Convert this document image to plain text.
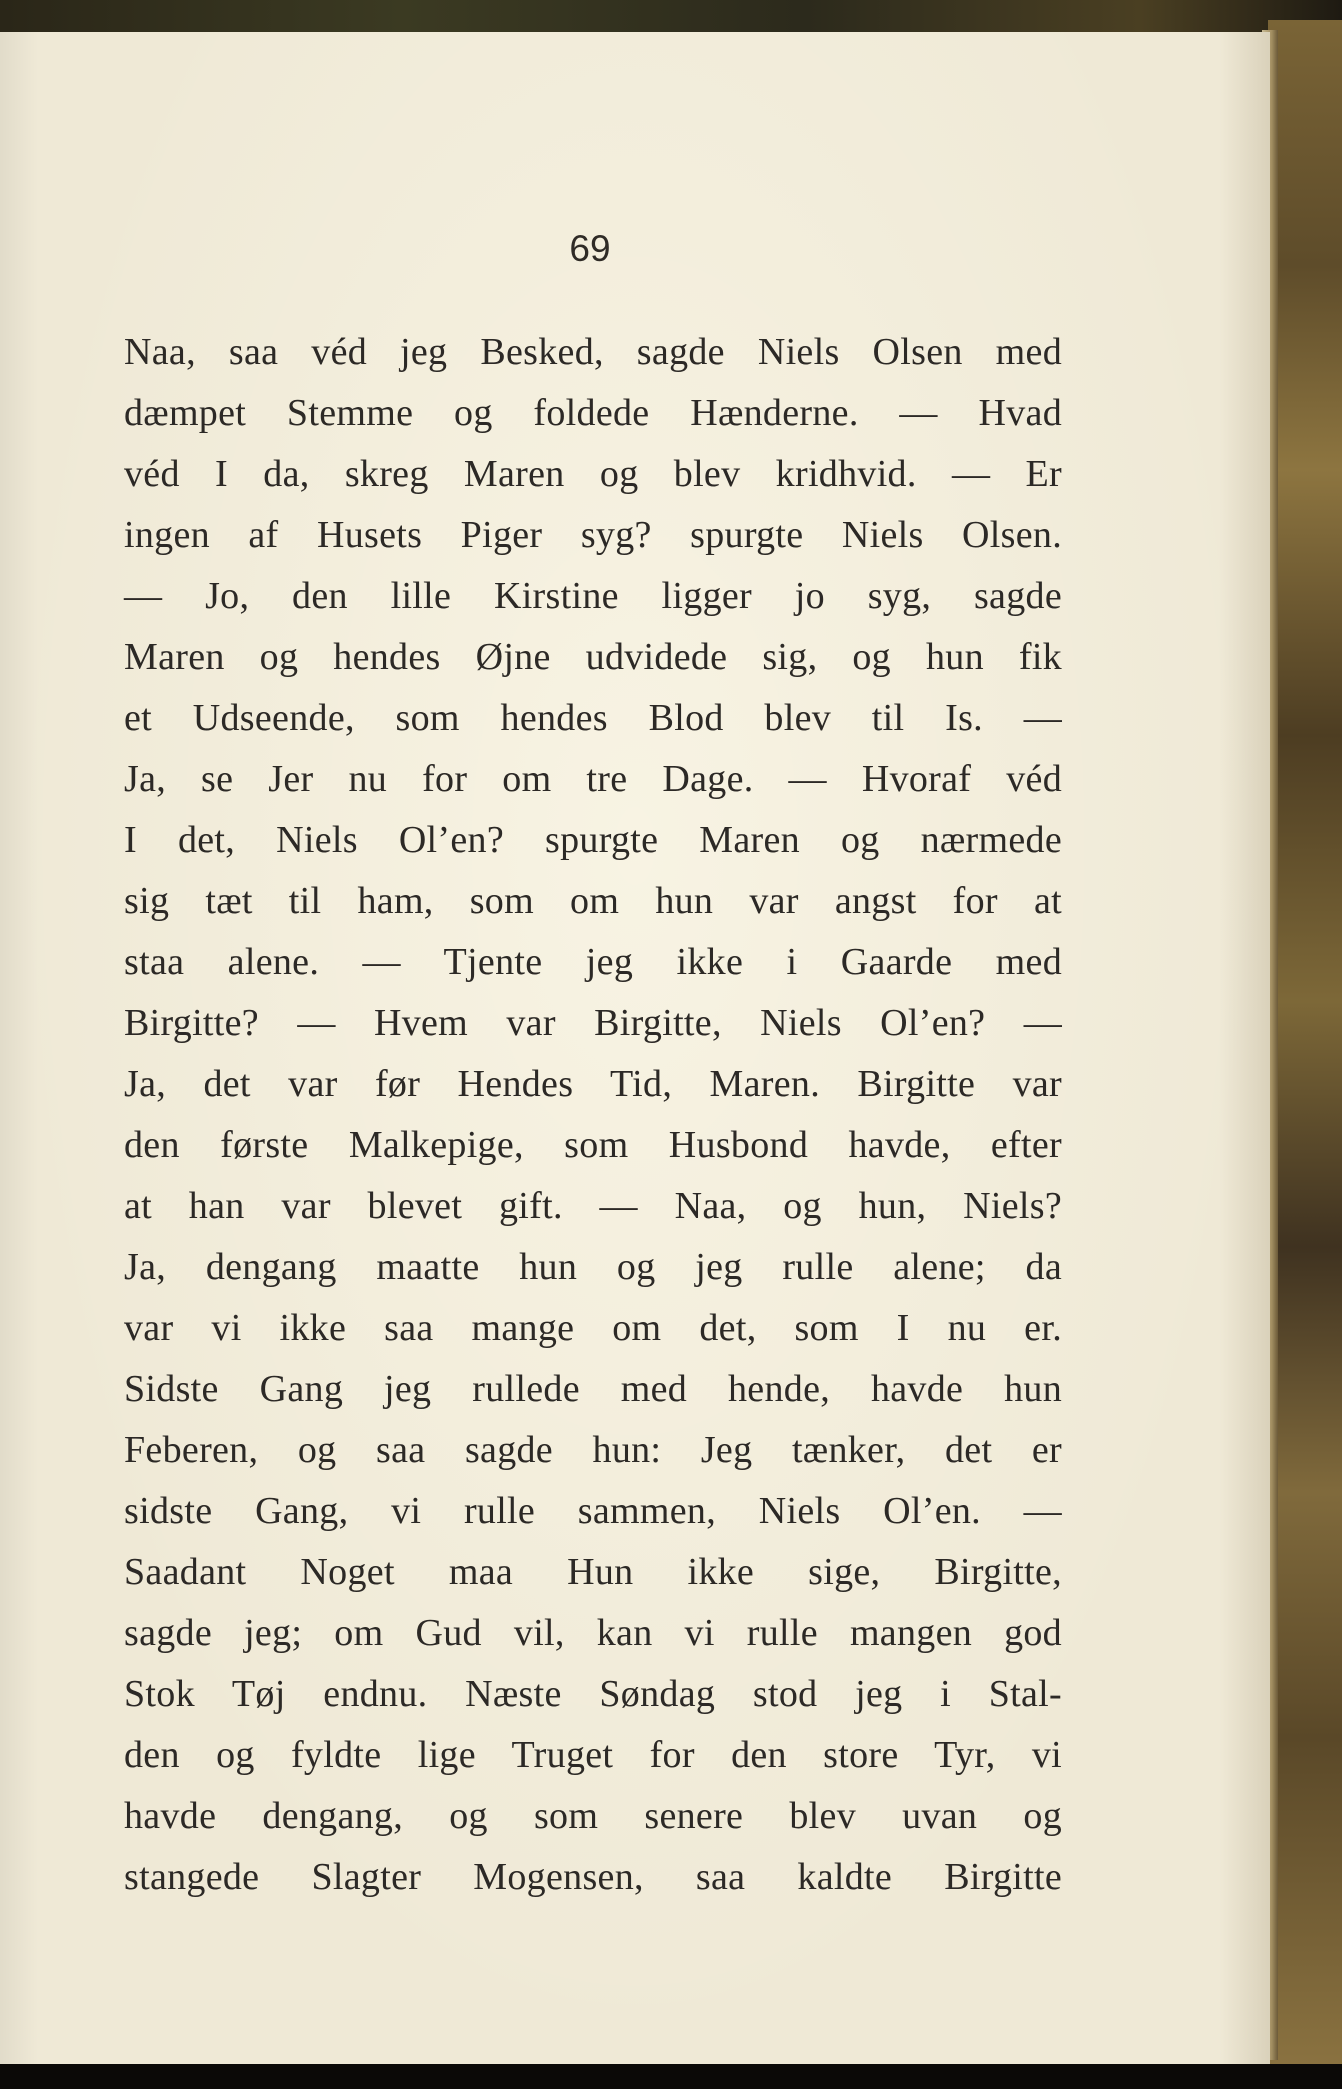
69
Naa, saa véd jeg Besked, sagde Niels Olsen med
dæmpet Stemme og foldede Hænderne. — Hvad
véd I da, skreg Maren og blev kridhvid. — Er
ingen af Husets Piger syg? spurgte Niels Olsen.
— Jo, den lille Kirstine ligger jo syg, sagde
Maren og hendes Øjne udvidede sig, og hun fik
et Udseende, som hendes Blod blev til Is. —
Ja, se Jer nu for om tre Dage. — Hvoraf véd
I det, Niels Ol’en? spurgte Maren og nærmede
sig tæt til ham, som om hun var angst for at
staa alene. — Tjente jeg ikke i Gaarde med
Birgitte? — Hvem var Birgitte, Niels Ol’en? —
Ja, det var før Hendes Tid, Maren. Birgitte var
den første Malkepige, som Husbond havde, efter
at han var blevet gift. — Naa, og hun, Niels?
Ja, dengang maatte hun og jeg rulle alene; da
var vi ikke saa mange om det, som I nu er.
Sidste Gang jeg rullede med hende, havde hun
Feberen, og saa sagde hun: Jeg tænker, det er
sidste Gang, vi rulle sammen, Niels Ol’en. —
Saadant Noget maa Hun ikke sige, Birgitte,
sagde jeg; om Gud vil, kan vi rulle mangen god
Stok Tøj endnu. Næste Søndag stod jeg i Stal-
den og fyldte lige Truget for den store Tyr, vi
havde dengang, og som senere blev uvan og
stangede Slagter Mogensen, saa kaldte Birgitte
